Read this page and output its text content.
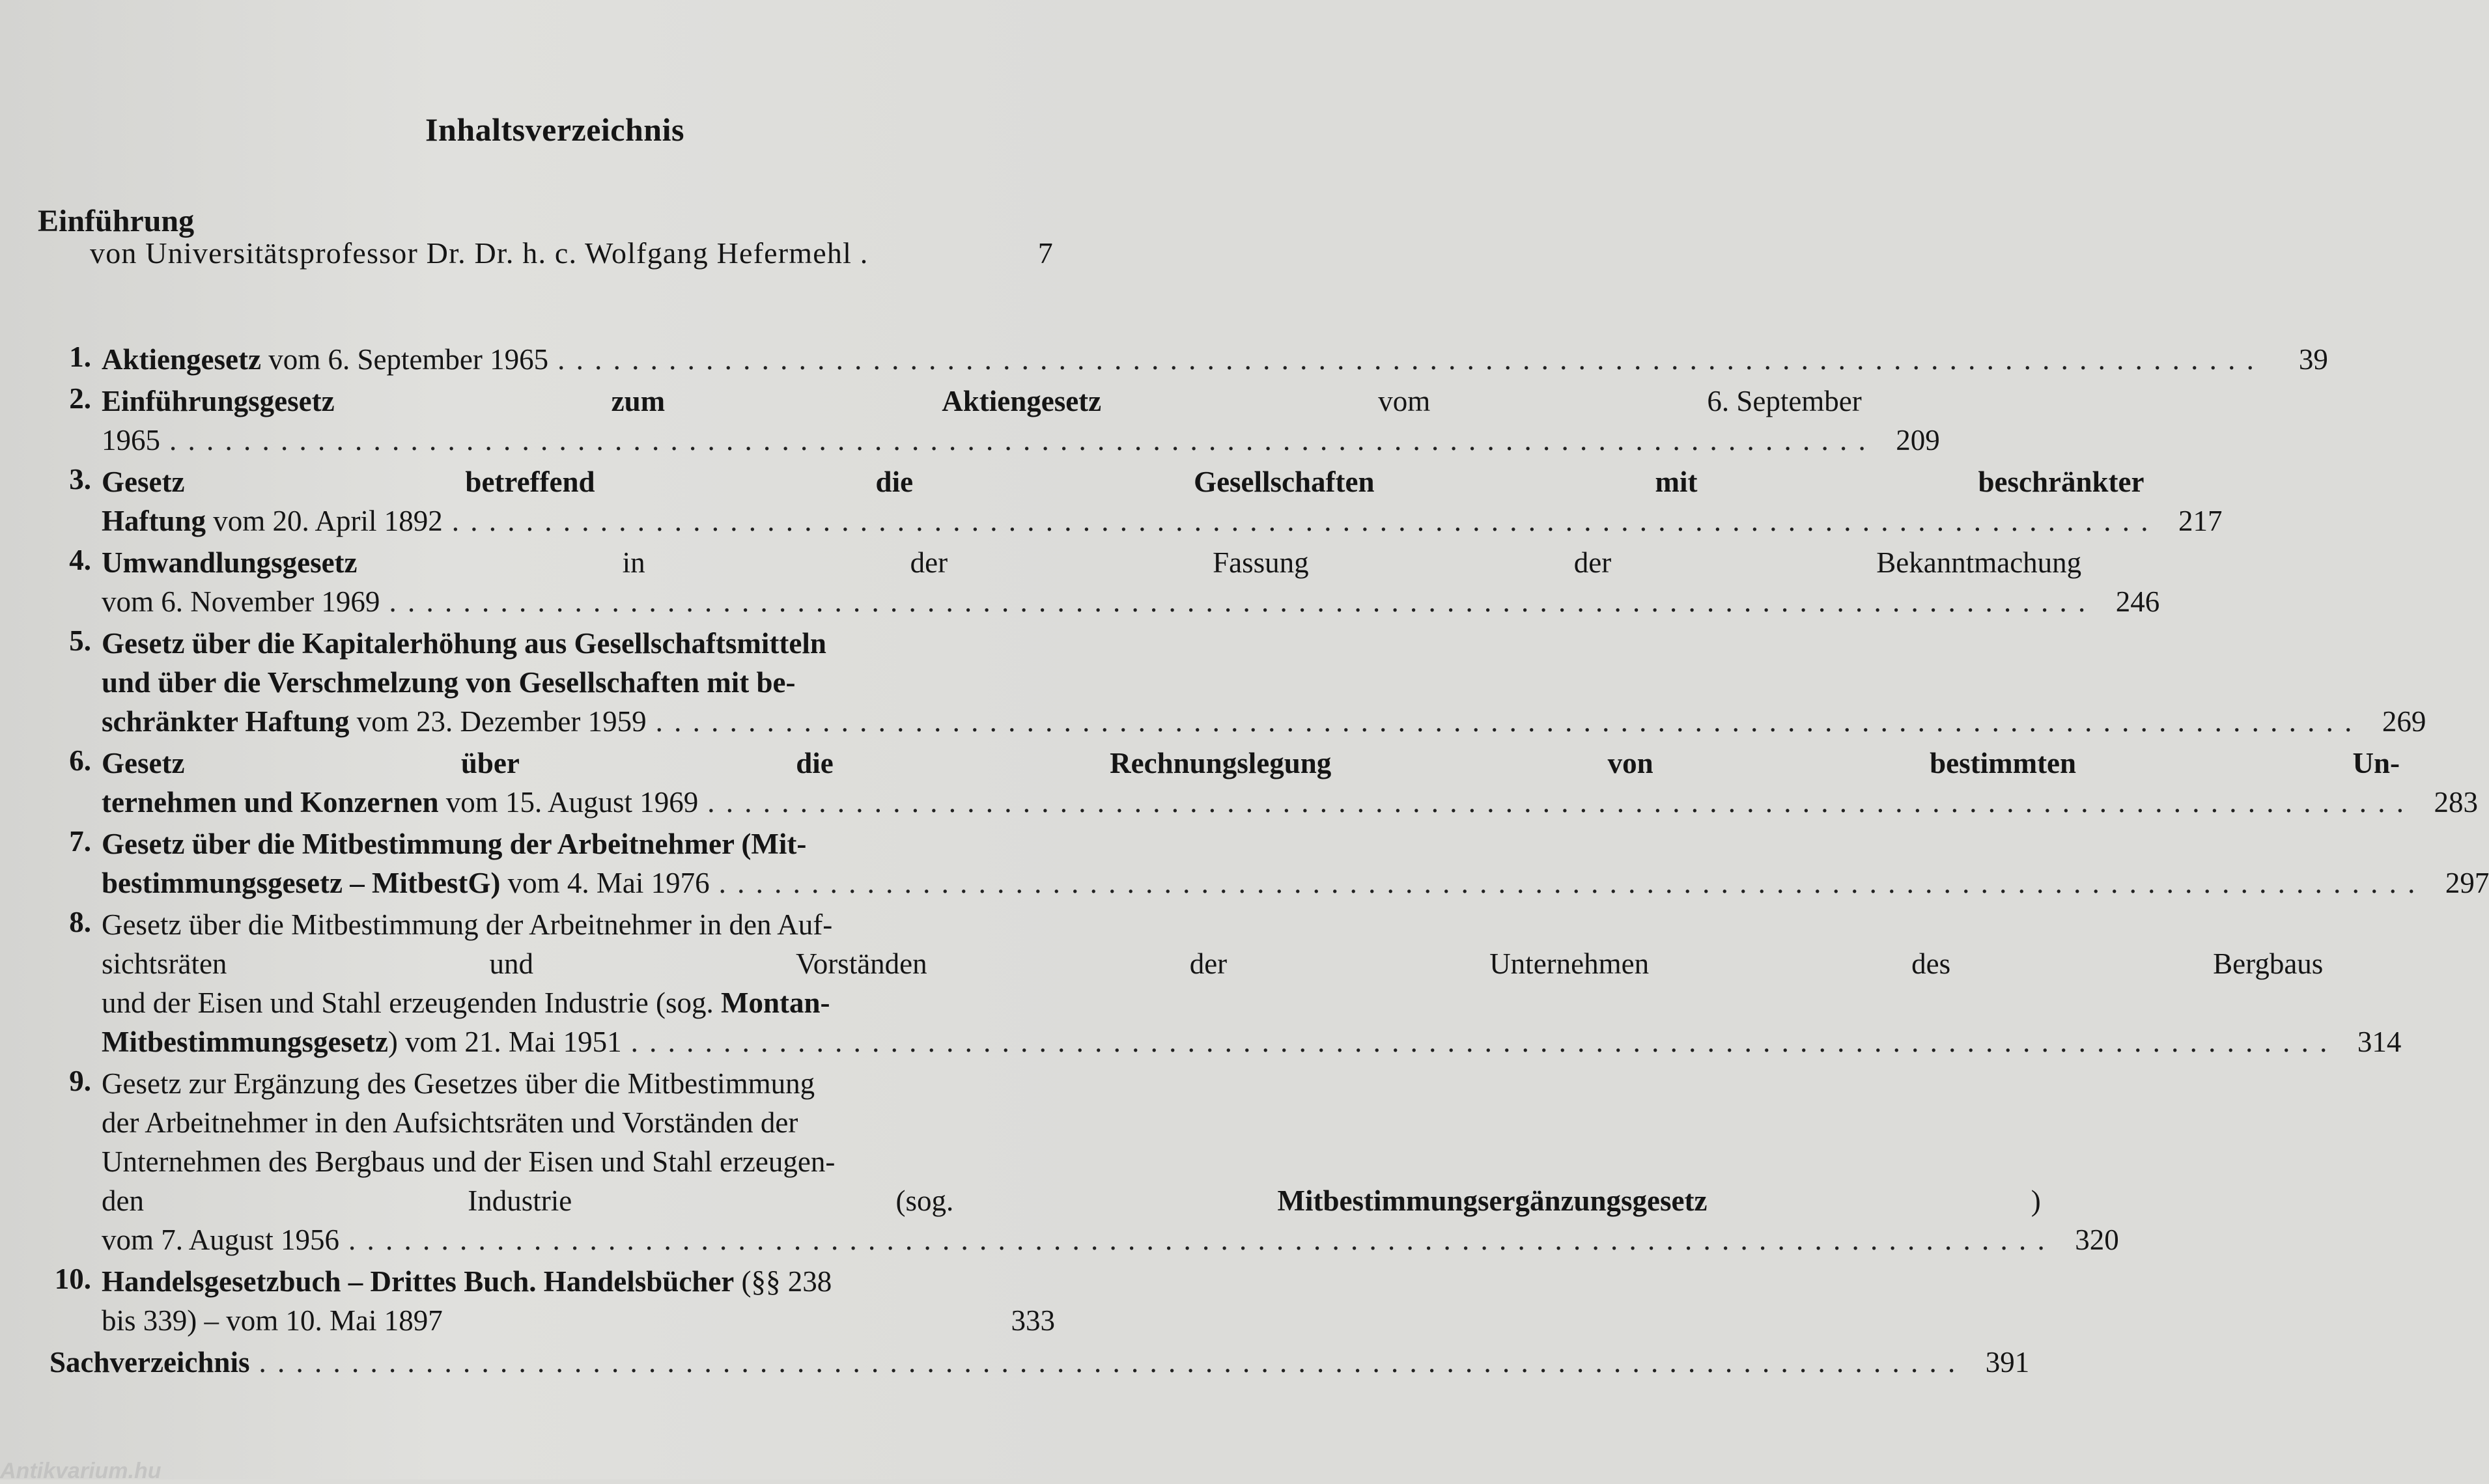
Inhaltsverzeichnis
Einführung
von Universitätsprofessor Dr. Dr. h. c. Wolfgang Hefermehl .	7
1. Aktiengesetz vom 6. September 1965 . . .	39
2. Einführungsgesetz	zum	Aktiengesetz	vom	6. September
1965 . . .	209
3. Gesetz	betreffend	die	Gesellschaften	mit	beschränkter
Haftung vom 20. April 1892 . . .	217
4. Umwandlungsgesetz	in	der	Fassung	der	Bekanntmachung
vom 6. November 1969 . . .	246
5. Gesetz über die Kapitalerhöhung aus Gesellschaftsmitteln
und über die Verschmelzung von Gesellschaften mit be-
schränkter Haftung vom 23. Dezember 1959 . . .	269
6. Gesetz	über	die	Rechnungslegung	von	bestimmten	Un-
ternehmen und Konzernen vom 15. August 1969 . . .	283
7. Gesetz über die Mitbestimmung der Arbeitnehmer (Mit-
bestimmungsgesetz – MitbestG) vom 4. Mai 1976 . . .	297
8. Gesetz über die Mitbestimmung der Arbeitnehmer in den Auf-
sichtsräten	und	Vorständen	der	Unternehmen	des	Bergbaus
und der Eisen und Stahl erzeugenden Industrie (sog. Montan-
Mitbestimmungsgesetz) vom 21. Mai 1951 . . .	314
9. Gesetz zur Ergänzung des Gesetzes über die Mitbestimmung
der Arbeitnehmer in den Aufsichtsräten und Vorständen der
Unternehmen des Bergbaus und der Eisen und Stahl erzeugen-
den	Industrie	(sog.	Mitbestimmungsergänzungsgesetz	)
vom 7. August 1956 . . .	320
10. Handelsgesetzbuch – Drittes Buch. Handelsbücher (§§ 238
bis 339) – vom 10. Mai 1897	333
Sachverzeichnis . . .	391
Antikvarium.hu
